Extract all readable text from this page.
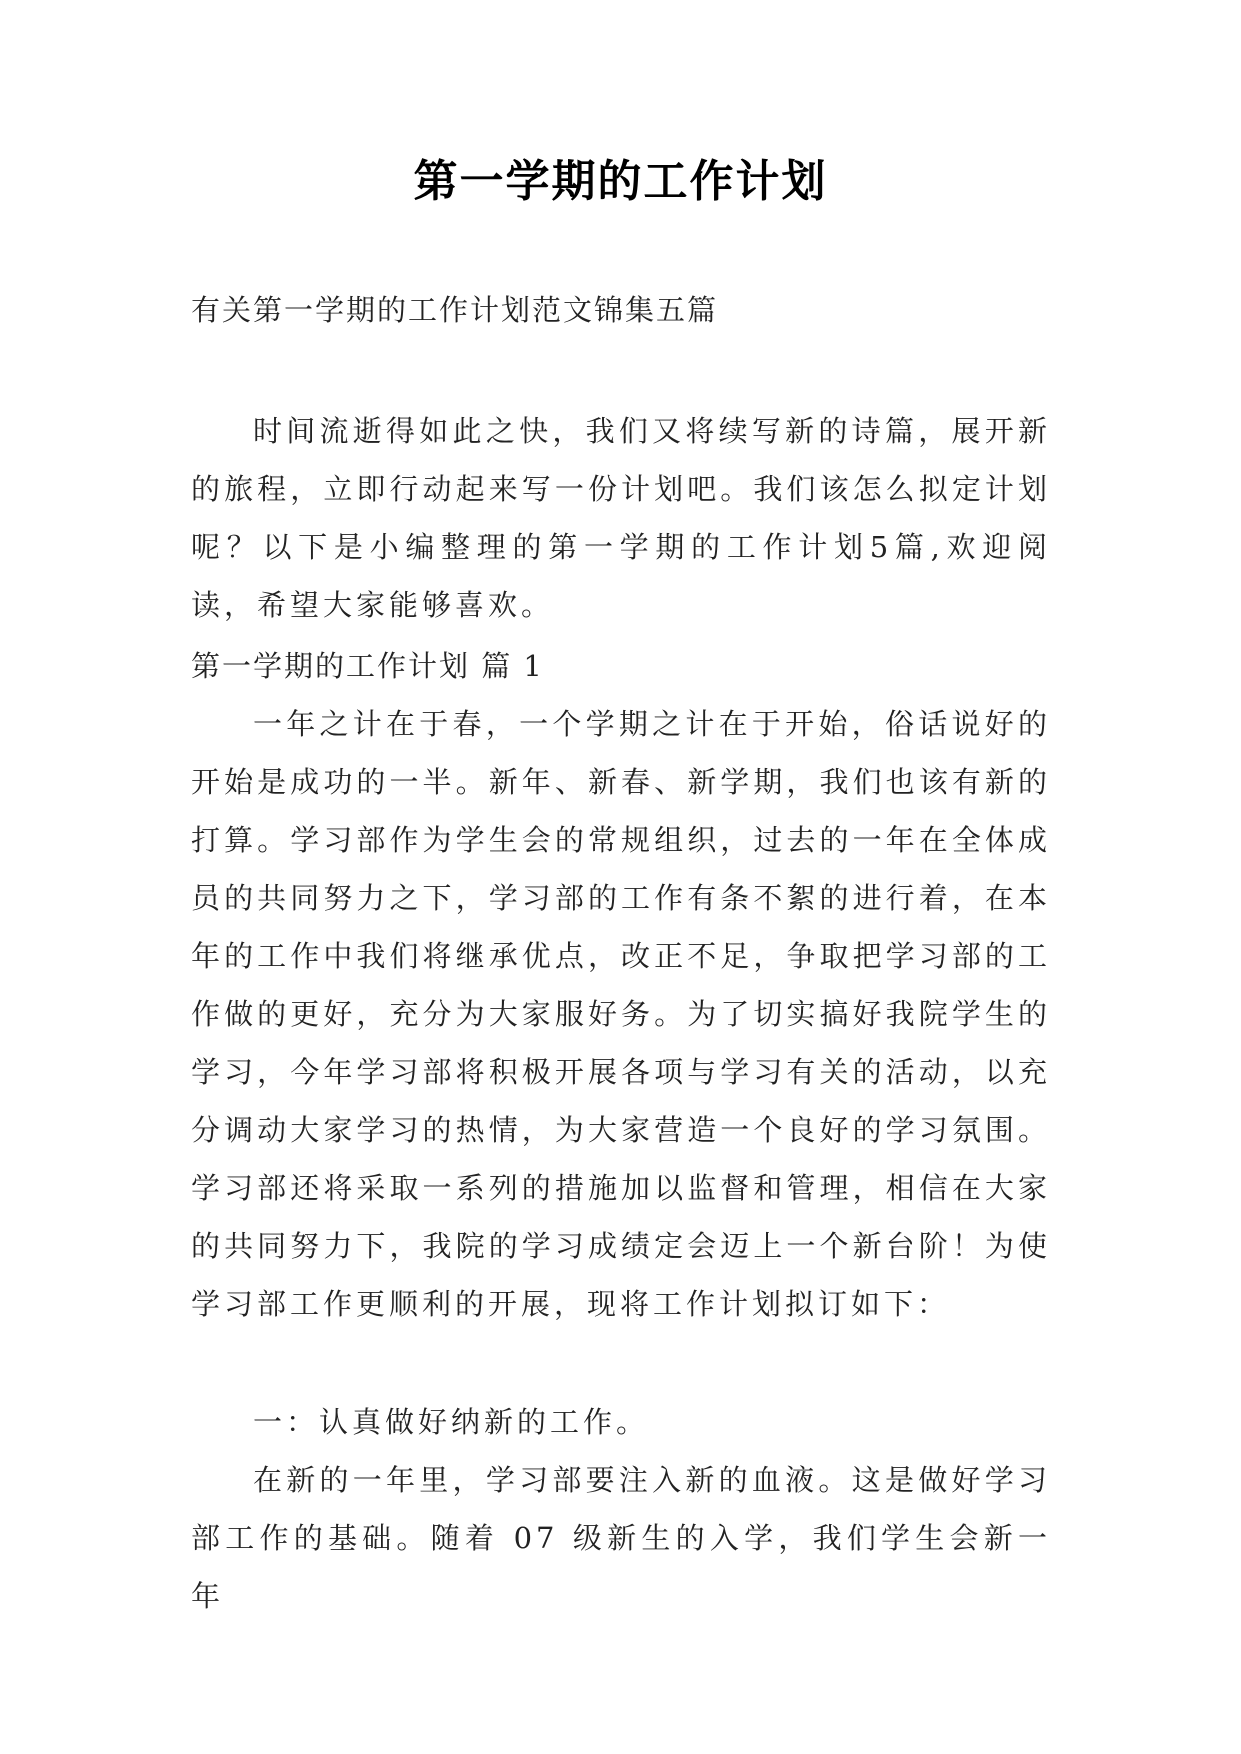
第一学期的工作计划
有关第一学期的工作计划范文锦集五篇

时间流逝得如此之快，我们又将续写新的诗篇，展开新的旅程，立即行动起来写一份计划吧。我们该怎么拟定计划呢？以下是小编整理的第一学期的工作计划5篇,欢迎阅读，希望大家能够喜欢。

第一学期的工作计划 篇 1

一年之计在于春，一个学期之计在于开始，俗话说好的开始是成功的一半。新年、新春、新学期，我们也该有新的打算。学习部作为学生会的常规组织，过去的一年在全体成员的共同努力之下，学习部的工作有条不絮的进行着，在本年的工作中我们将继承优点，改正不足，争取把学习部的工作做的更好，充分为大家服好务。为了切实搞好我院学生的学习，今年学习部将积极开展各项与学习有关的活动，以充分调动大家学习的热情，为大家营造一个良好的学习氛围。学习部还将采取一系列的措施加以监督和管理，相信在大家的共同努力下，我院的学习成绩定会迈上一个新台阶！为使学习部工作更顺利的开展，现将工作计划拟订如下：

一：认真做好纳新的工作。

在新的一年里，学习部要注入新的血液。这是做好学习部工作的基础。随着 07 级新生的入学，我们学生会新一年
